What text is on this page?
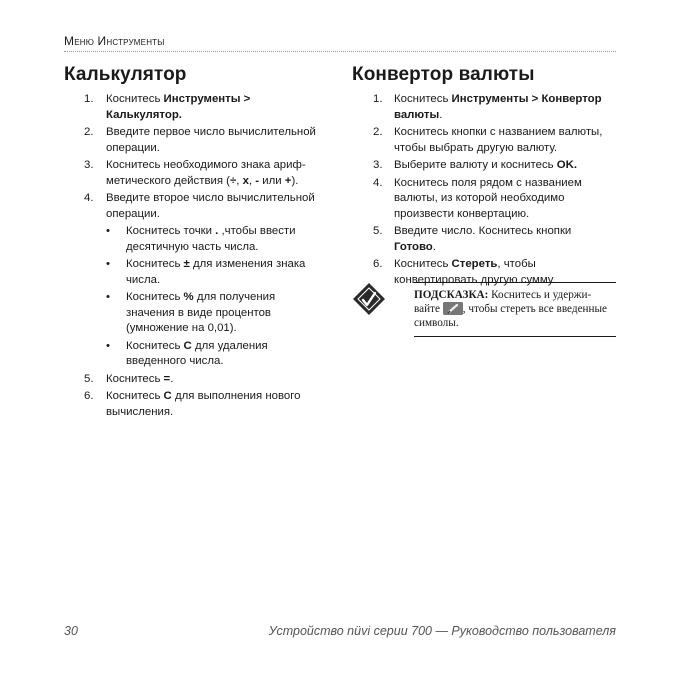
Меню Инструменты
Калькулятор
1. Коснитесь Инструменты > Калькулятор.
2. Введите первое число вычислительной операции.
3. Коснитесь необходимого знака ариф-метического действия (÷, x, - или +).
4. Введите второе число вычислительной операции.
• Коснитесь точки . ,чтобы ввести десятичную часть числа.
• Коснитесь ± для изменения знака числа.
• Коснитесь % для получения значения в виде процентов (умножение на 0,01).
• Коснитесь C для удаления введенного числа.
5. Коснитесь =.
6. Коснитесь C для выполнения нового вычисления.
Конвертор валюты
1. Коснитесь Инструменты > Конвертор валюты.
2. Коснитесь кнопки с названием валюты, чтобы выбрать другую валюту.
3. Выберите валюту и коснитесь OK.
4. Коснитесь поля рядом с названием валюты, из которой необходимо произвести конвертацию.
5. Введите число. Коснитесь кнопки Готово.
6. Коснитесь Стереть, чтобы конвертировать другую сумму.
ПОДСКАЗКА: Коснитесь и удержи-вайте , чтобы стереть все введенные символы.
30	Устройство nüvi серии 700 — Руководство пользователя
